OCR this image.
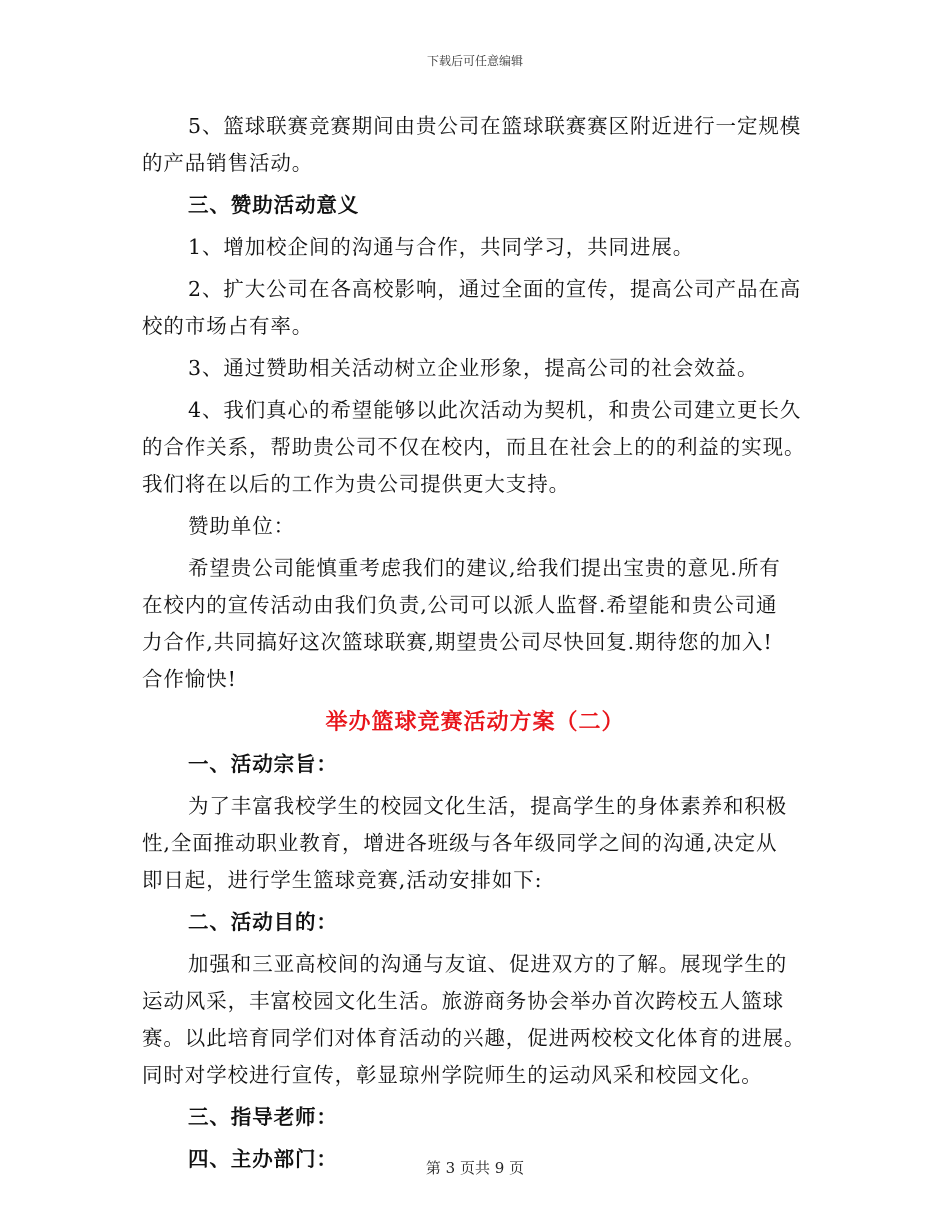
下载后可任意编辑
5、篮球联赛竞赛期间由贵公司在篮球联赛赛区附近进行一定规模
的产品销售活动。
三、赞助活动意义
1、增加校企间的沟通与合作，共同学习，共同进展。
2、扩大公司在各高校影响，通过全面的宣传，提高公司产品在高
校的市场占有率。
3、通过赞助相关活动树立企业形象，提高公司的社会效益。
4、我们真心的希望能够以此次活动为契机，和贵公司建立更长久
的合作关系，帮助贵公司不仅在校内，而且在社会上的的利益的实现。
我们将在以后的工作为贵公司提供更大支持。
赞助单位：
希望贵公司能慎重考虑我们的建议,给我们提出宝贵的意见.所有
在校内的宣传活动由我们负责,公司可以派人监督.希望能和贵公司通
力合作,共同搞好这次篮球联赛,期望贵公司尽快回复.期待您的加入!
合作愉快!
举办篮球竞赛活动方案（二）
一、活动宗旨：
为了丰富我校学生的校园文化生活，提高学生的身体素养和积极
性,全面推动职业教育，增进各班级与各年级同学之间的沟通,决定从
即日起，进行学生篮球竞赛,活动安排如下:
二、活动目的：
加强和三亚高校间的沟通与友谊、促进双方的了解。展现学生的
运动风采，丰富校园文化生活。旅游商务协会举办首次跨校五人篮球
赛。以此培育同学们对体育活动的兴趣，促进两校校文化体育的进展。
同时对学校进行宣传，彰显琼州学院师生的运动风采和校园文化。
三、指导老师：
四、主办部门：	第 3 页共 9 页
